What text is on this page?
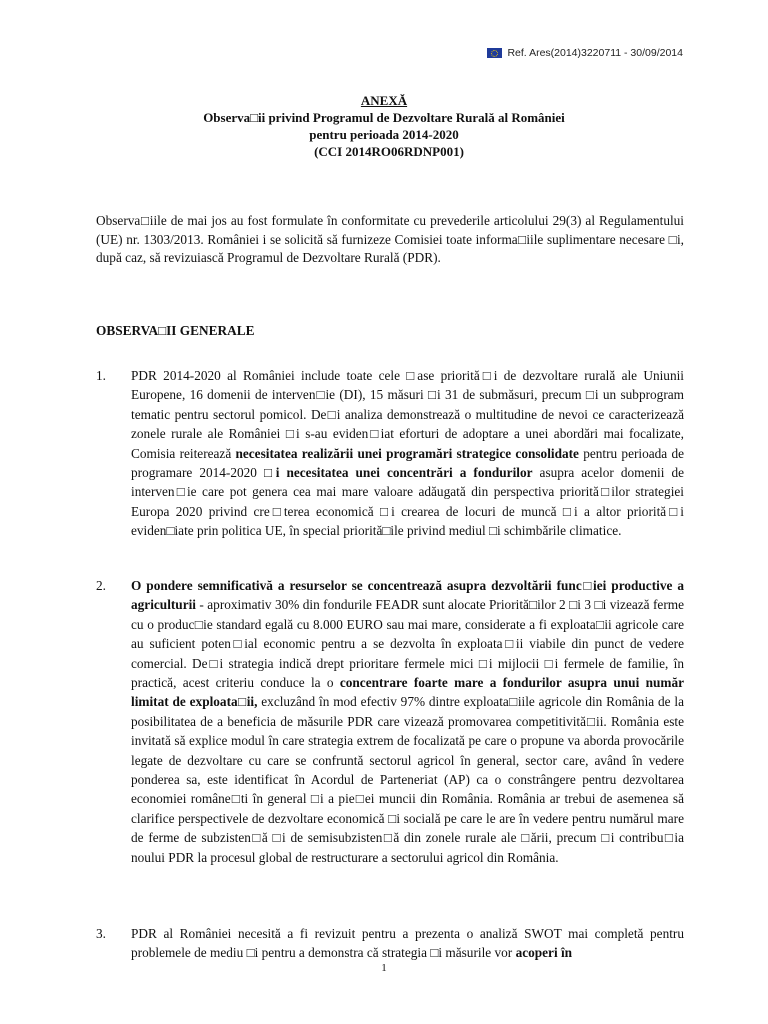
Ref. Ares(2014)3220711 - 30/09/2014
ANEXĂ
Observa□ii privind Programul de Dezvoltare Rurală al României
pentru perioada 2014-2020
(CCI 2014RO06RDNP001)
Observa□iile de mai jos au fost formulate în conformitate cu prevederile articolului 29(3) al Regulamentului (UE) nr. 1303/2013. României i se solicită să furnizeze Comisiei toate informa□iile suplimentare necesare □i, după caz, să revizuiască Programul de Dezvoltare Rurală (PDR).
OBSERVA□II GENERALE
1. PDR 2014-2020 al României include toate cele □ase priorită□i de dezvoltare rurală ale Uniunii Europene, 16 domenii de interven□ie (DI), 15 măsuri □i 31 de submăsuri, precum □i un subprogram tematic pentru sectorul pomicol. De□i analiza demonstrează o multitudine de nevoi ce caracterizează zonele rurale ale României □i s-au eviden□iat eforturi de adoptare a unei abordări mai focalizate, Comisia reiterează necesitatea realizării unei programări strategice consolidate pentru perioada de programare 2014-2020 □i necesitatea unei concentrări a fondurilor asupra acelor domenii de interven□ie care pot genera cea mai mare valoare adăugată din perspectiva priorită□ilor strategiei Europa 2020 privind cre□terea economică □i crearea de locuri de muncă □i a altor priorită□i eviden□iate prin politica UE, în special priorită□ile privind mediul □i schimbările climatice.
2. O pondere semnificativă a resurselor se concentrează asupra dezvoltării func□iei productive a agriculturii - aproximativ 30% din fondurile FEADR sunt alocate Priorită□ilor 2 □i 3 □i vizează ferme cu o produc□ie standard egală cu 8.000 EURO sau mai mare, considerate a fi exploata□ii agricole care au suficient poten□ial economic pentru a se dezvolta în exploata□ii viabile din punct de vedere comercial. De□i strategia indică drept prioritare fermele mici □i mijlocii □i fermele de familie, în practică, acest criteriu conduce la o concentrare foarte mare a fondurilor asupra unui număr limitat de exploata□ii, excluzând în mod efectiv 97% dintre exploata□iile agricole din România de la posibilitatea de a beneficia de măsurile PDR care vizează promovarea competitivită□ii. România este invitată să explice modul în care strategia extrem de focalizată pe care o propune va aborda provocările legate de dezvoltare cu care se confruntă sectorul agricol în general, sector care, având în vedere ponderea sa, este identificat în Acordul de Parteneriat (AP) ca o constrângere pentru dezvoltarea economiei române□ti în general □i a pie□ei muncii din România. România ar trebui de asemenea să clarifice perspectivele de dezvoltare economică □i socială pe care le are în vedere pentru numărul mare de ferme de subzisten□ă □i de semisubzisten□ă din zonele rurale ale □ării, precum □i contribu□ia noului PDR la procesul global de restructurare a sectorului agricol din România.
3. PDR al României necesită a fi revizuit pentru a prezenta o analiză SWOT mai completă pentru problemele de mediu □i pentru a demonstra că strategia □i măsurile vor acoperi în
1
